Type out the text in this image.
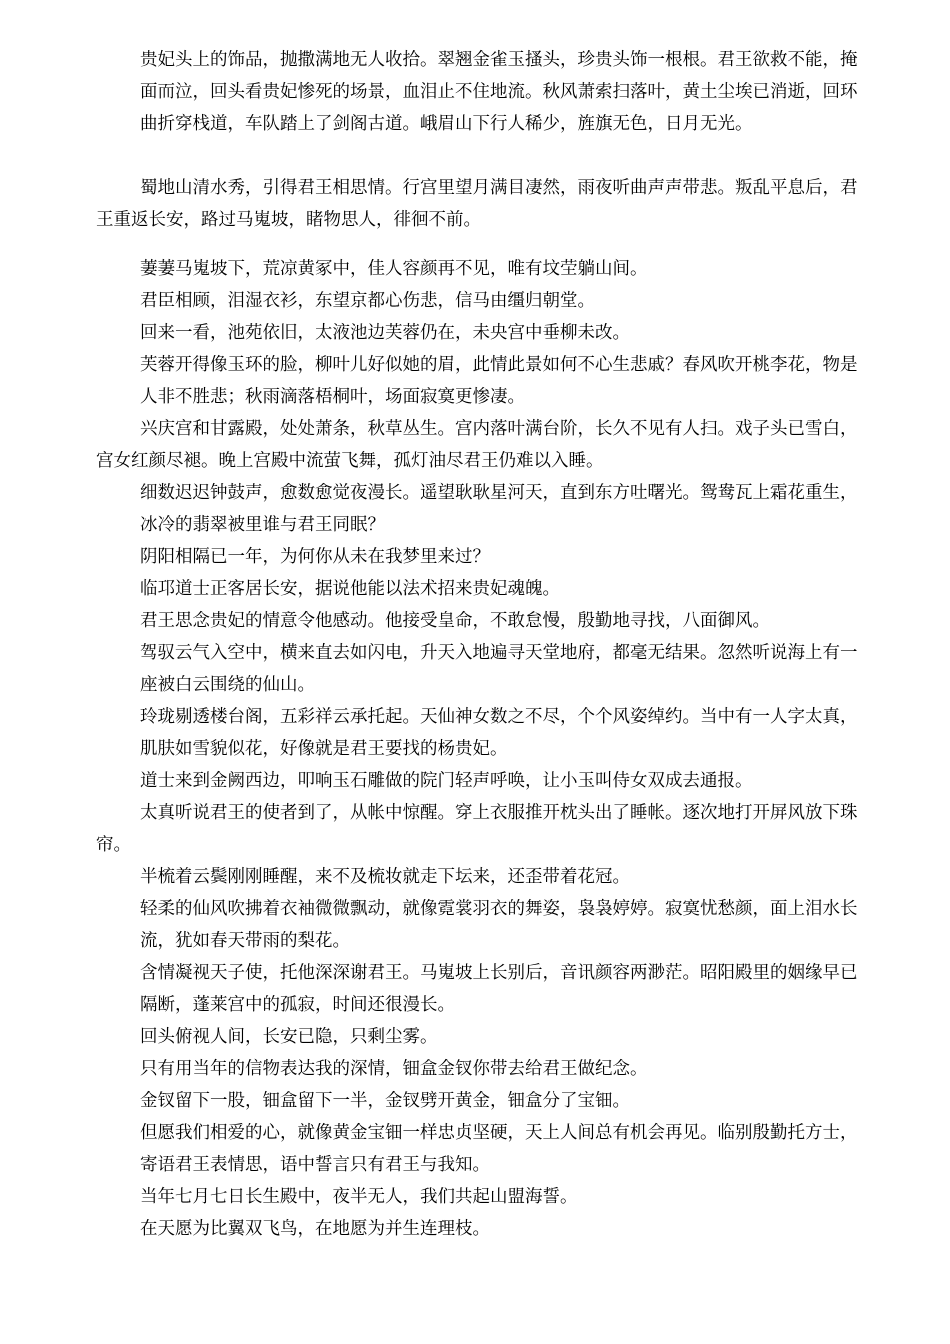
贵妃头上的饰品，抛撒满地无人收拾。翠翘金雀玉搔头，珍贵头饰一根根。君王欲救不能，掩面而泣，回头看贵妃惨死的场景，血泪止不住地流。秋风萧索扫落叶，黄土尘埃已消逝，回环曲折穿栈道，车队踏上了剑阁古道。峨眉山下行人稀少，旌旗无色，日月无光。

蜀地山清水秀，引得君王相思情。行宫里望月满目凄然，雨夜听曲声声带悲。叛乱平息后，君王重返长安，路过马嵬坡，睹物思人，徘徊不前。

萋萋马嵬坡下，荒凉黄冢中，佳人容颜再不见，唯有坟茔躺山间。

君臣相顾，泪湿衣衫，东望京都心伤悲，信马由缰归朝堂。

回来一看，池苑依旧，太液池边芙蓉仍在，未央宫中垂柳未改。

芙蓉开得像玉环的脸，柳叶儿好似她的眉，此情此景如何不心生悲戚？春风吹开桃李花，物是人非不胜悲；秋雨滴落梧桐叶，场面寂寞更惨凄。

兴庆宫和甘露殿，处处萧条，秋草丛生。宫内落叶满台阶，长久不见有人扫。戏子头已雪白，宫女红颜尽褪。晚上宫殿中流萤飞舞，孤灯油尽君王仍难以入睡。

细数迟迟钟鼓声，愈数愈觉夜漫长。遥望耿耿星河天，直到东方吐曙光。鸳鸯瓦上霜花重生，冰冷的翡翠被里谁与君王同眠？

阴阳相隔已一年，为何你从未在我梦里来过？

临邛道士正客居长安，据说他能以法术招来贵妃魂魄。

君王思念贵妃的情意令他感动。他接受皇命，不敢怠慢，殷勤地寻找，八面御风。

驾驭云气入空中，横来直去如闪电，升天入地遍寻天堂地府，都毫无结果。忽然听说海上有一座被白云围绕的仙山。

玲珑剔透楼台阁，五彩祥云承托起。天仙神女数之不尽，个个风姿绰约。当中有一人字太真，肌肤如雪貌似花，好像就是君王要找的杨贵妃。

道士来到金阙西边，叩响玉石雕做的院门轻声呼唤，让小玉叫侍女双成去通报。

太真听说君王的使者到了，从帐中惊醒。穿上衣服推开枕头出了睡帐。逐次地打开屏风放下珠帘。

半梳着云鬓刚刚睡醒，来不及梳妆就走下坛来，还歪带着花冠。

轻柔的仙风吹拂着衣袖微微飘动，就像霓裳羽衣的舞姿，袅袅婷婷。寂寞忧愁颜，面上泪水长流，犹如春天带雨的梨花。

含情凝视天子使，托他深深谢君王。马嵬坡上长别后，音讯颜容两渺茫。昭阳殿里的姻缘早已隔断，蓬莱宫中的孤寂，时间还很漫长。

回头俯视人间，长安已隐，只剩尘雾。

只有用当年的信物表达我的深情，钿盒金钗你带去给君王做纪念。

金钗留下一股，钿盒留下一半，金钗劈开黄金，钿盒分了宝钿。

但愿我们相爱的心，就像黄金宝钿一样忠贞坚硬，天上人间总有机会再见。临别殷勤托方士，寄语君王表情思，语中誓言只有君王与我知。

当年七月七日长生殿中，夜半无人，我们共起山盟海誓。

在天愿为比翼双飞鸟，在地愿为并生连理枝。
